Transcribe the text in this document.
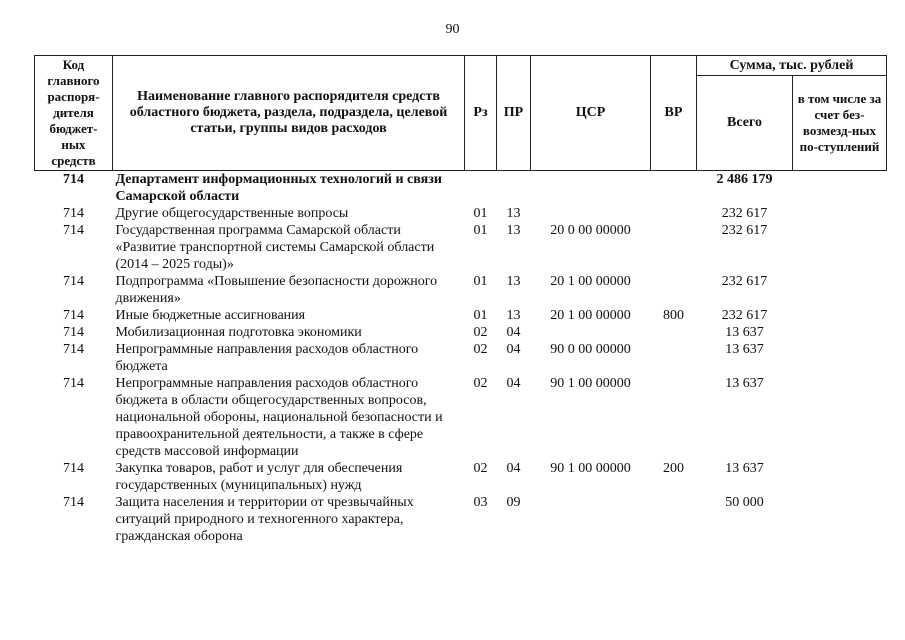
90
Код главного распоря-дителя бюджет-ных средств	Наименование главного распорядителя средств областного бюджета, раздела, подраздела, целевой статьи, группы видов расходов	Рз	ПР	ЦСР	ВР	Сумма, тыс. рублей	
						Всего	в том числе за счет без-возмезд-ных по-ступлений
714	Департамент информационных технологий и связи Самарской области					2 486 179	
714	Другие общегосударственные вопросы	01	13			232 617	
714	Государственная программа Самарской области «Развитие транспортной системы Самарской области (2014 – 2025 годы)»	01	13	20 0 00 00000		232 617	
714	Подпрограмма «Повышение безопасности дорожного движения»	01	13	20 1 00 00000		232 617	
714	Иные бюджетные ассигнования	01	13	20 1 00 00000	800	232 617	
714	Мобилизационная подготовка экономики	02	04			13 637	
714	Непрограммные направления расходов областного бюджета	02	04	90 0 00 00000		13 637	
714	Непрограммные направления расходов областного бюджета в области общегосударственных вопросов, национальной обороны, национальной безопасности и правоохранительной деятельности, а также в сфере средств массовой информации	02	04	90 1 00 00000		13 637	
714	Закупка товаров, работ и услуг для обеспечения государственных (муниципальных) нужд	02	04	90 1 00 00000	200	13 637	
714	Защита населения и территории от чрезвычайных ситуаций природного и техногенного характера, гражданская оборона	03	09			50 000	
